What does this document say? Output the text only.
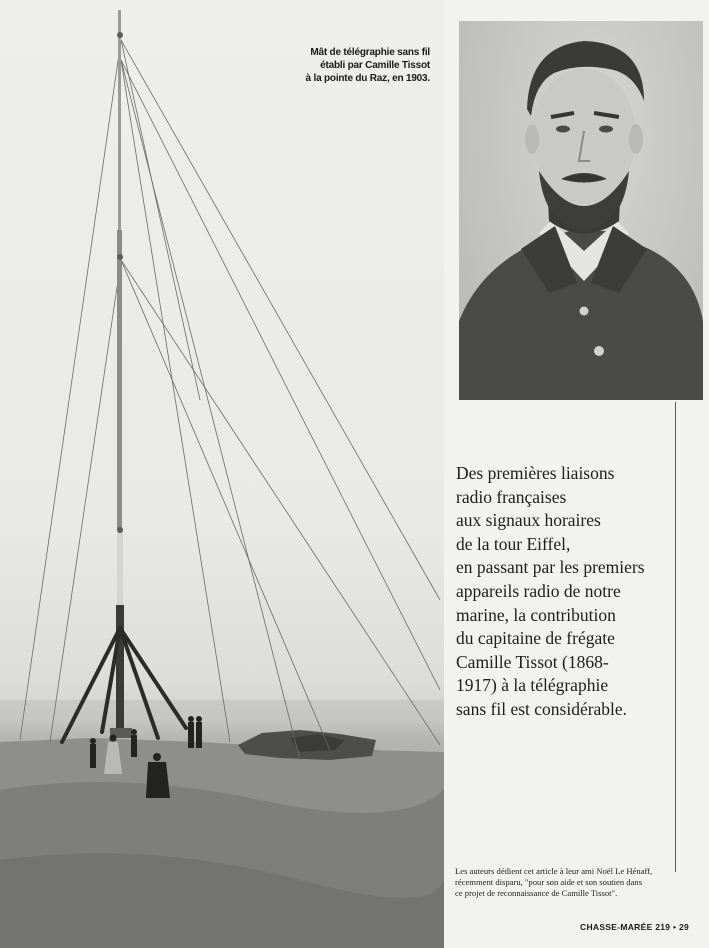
Mât de télégraphie sans fil
établi par Camille Tissot
à la pointe du Raz, en 1903.
Des premières liaisons
radio françaises
aux signaux horaires
de la tour Eiffel,
en passant par les premiers
appareils radio de notre
marine, la contribution
du capitaine de frégate
Camille Tissot (1868-
1917) à la télégraphie
sans fil est considérable.
Les auteurs dédient cet article à leur ami Noël Le Hénaff,
récemment disparu, "pour son aide et son soutien dans
ce projet de reconnaissance de Camille Tissot".
CHASSE-MARÉE 219 • 29
